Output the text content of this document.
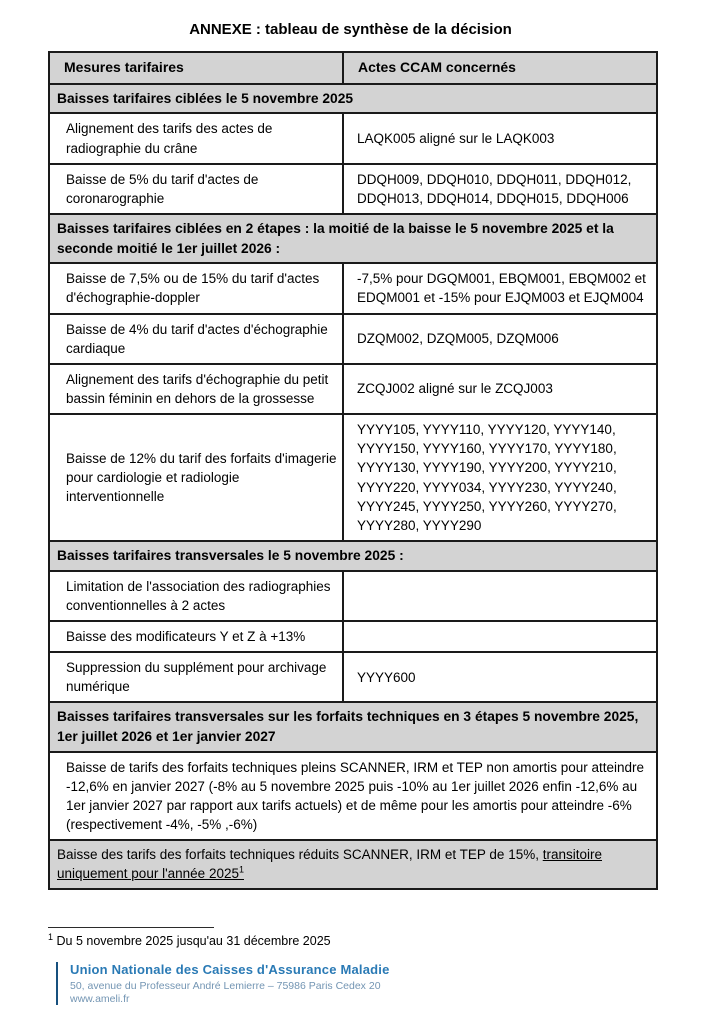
ANNEXE : tableau de synthèse de la décision
Mesures tarifaires	Actes CCAM concernés
Baisses tarifaires ciblées le 5 novembre 2025	
Alignement des tarifs des actes de radiographie du crâne	LAQK005 aligné sur le LAQK003
Baisse de 5% du tarif d'actes de coronarographie	DDQH009, DDQH010, DDQH011, DDQH012, DDQH013, DDQH014, DDQH015, DDQH006
Baisses tarifaires ciblées en 2 étapes : la moitié de la baisse le 5 novembre 2025 et la seconde moitié le 1er juillet 2026 :	
Baisse de 7,5% ou de 15% du tarif d'actes d'échographie-doppler	-7,5% pour DGQM001, EBQM001, EBQM002 et EDQM001 et -15% pour EJQM003 et EJQM004
Baisse de 4% du tarif d'actes d'échographie cardiaque	DZQM002, DZQM005, DZQM006
Alignement des tarifs d'échographie du petit bassin féminin en dehors de la grossesse	ZCQJ002 aligné sur le ZCQJ003
Baisse de 12% du tarif des forfaits d'imagerie pour cardiologie et radiologie interventionnelle	YYYY105, YYYY110, YYYY120, YYYY140, YYYY150, YYYY160, YYYY170, YYYY180, YYYY130, YYYY190, YYYY200, YYYY210, YYYY220, YYYY034, YYYY230, YYYY240, YYYY245, YYYY250, YYYY260, YYYY270, YYYY280, YYYY290
Baisses tarifaires transversales le 5 novembre 2025 :	
Limitation de l'association des radiographies conventionnelles à 2 actes	
Baisse des modificateurs Y et Z à +13%	
Suppression du supplément pour archivage numérique	YYYY600
Baisses tarifaires transversales sur les forfaits techniques en 3 étapes 5 novembre 2025, 1er juillet 2026 et 1er janvier 2027	
Baisse de tarifs des forfaits techniques pleins SCANNER, IRM et TEP non amortis pour atteindre -12,6% en janvier 2027 (-8% au 5 novembre 2025 puis -10% au 1er juillet 2026 enfin -12,6% au 1er janvier 2027 par rapport aux tarifs actuels) et de même pour les amortis pour atteindre -6% (respectivement -4%, -5% ,-6%)	
Baisse des tarifs des forfaits techniques réduits SCANNER, IRM et TEP de 15%, transitoire uniquement pour l'année 2025$^1$

$^1$ Du 5 novembre 2025 jusqu'au 31 décembre 2025

Union Nationale des Caisses d'Assurance Maladie
50, avenue du Professeur André Lemierre – 75986 Paris Cedex 20
www.ameli.fr
